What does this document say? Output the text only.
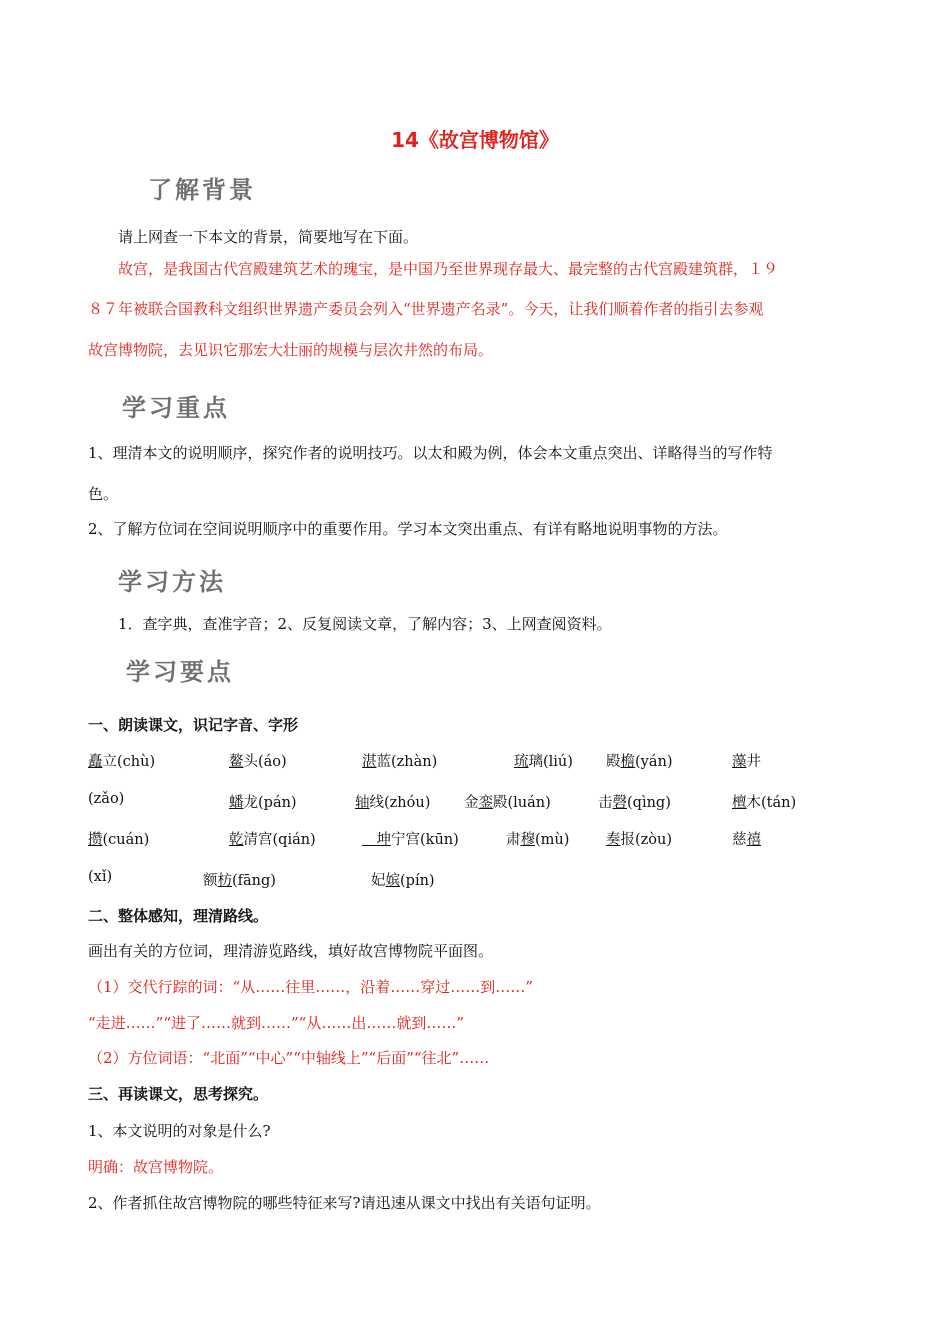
14《故宫博物馆》
了解背景
请上网查一下本文的背景，简要地写在下面。
故宫，是我国古代宫殿建筑艺术的瑰宝，是中国乃至世界现存最大、最完整的古代宫殿建筑群，１９
８７年被联合国教科文组织世界遗产委员会列入“世界遗产名录”。今天，让我们顺着作者的指引去参观
故宫博物院，去见识它那宏大壮丽的规模与层次井然的布局。
学习重点
1、理清本文的说明顺序，探究作者的说明技巧。以太和殿为例，体会本文重点突出、详略得当的写作特
色。
2、了解方位词在空间说明顺序中的重要作用。学习本文突出重点、有详有略地说明事物的方法。
学习方法
1．查字典，查准字音；2、反复阅读文章，了解内容；3、上网查阅资料。
学习要点
一、朗读课文，识记字音、字形
矗立(chù)	鳌头(áo)	湛蓝(zhàn)	琉璃(liú) 殿檐(yán)	藻井
(zǎo)	蟠龙(pán)	轴线(zhóu) 金銮殿(luán)	击磬(qìng)	檀木(tán)
攒(cuán)	乾清宫(qián)	　坤宁宫(kūn)	肃穆(mù)	奏报(zòu)	慈禧
(xǐ)	额枋(fāng)	妃嫔(pín)
二、整体感知，理清路线。
画出有关的方位词，理清游览路线，填好故宫博物院平面图。
（1）交代行踪的词：“从……往里……，沿着……穿过……到……”
“走进……”“进了……就到……”“从……出……就到……”
（2）方位词语：“北面”“中心”“中轴线上”“后面”“往北”……
三、再读课文，思考探究。
1、本文说明的对象是什么?
明确：故宫博物院。
2、作者抓住故宫博物院的哪些特征来写?请迅速从课文中找出有关语句证明。
